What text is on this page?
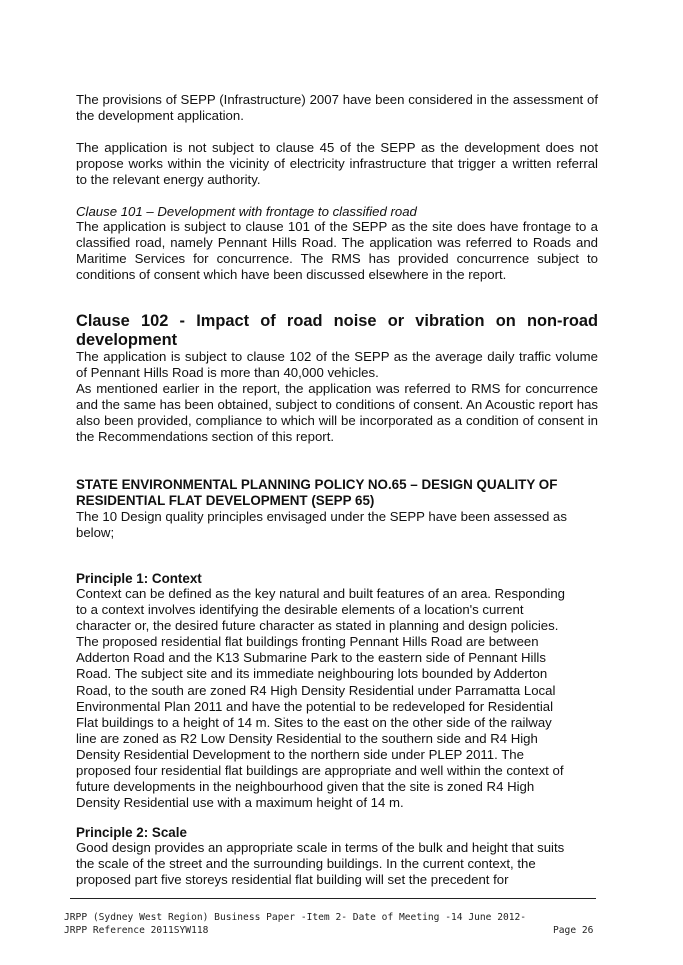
The provisions of SEPP (Infrastructure) 2007 have been considered in the assessment of the development application.
The application is not subject to clause 45 of the SEPP as the development does not propose works within the vicinity of electricity infrastructure that trigger a written referral to the relevant energy authority.
Clause 101 – Development with frontage to classified road
The application is subject to clause 101 of the SEPP as the site does have frontage to a classified road, namely Pennant Hills Road. The application was referred to Roads and Maritime Services for concurrence. The RMS has provided concurrence subject to conditions of consent which have been discussed elsewhere in the report.
Clause 102 - Impact of road noise or vibration on non-road development
The application is subject to clause 102 of the SEPP as the average daily traffic volume of Pennant Hills Road is more than 40,000 vehicles.
As mentioned earlier in the report, the application was referred to RMS for concurrence and the same has been obtained, subject to conditions of consent. An Acoustic report has also been provided, compliance to which will be incorporated as a condition of consent in the Recommendations section of this report.
STATE ENVIRONMENTAL PLANNING POLICY NO.65 – DESIGN QUALITY OF RESIDENTIAL FLAT DEVELOPMENT (SEPP 65)
The 10 Design quality principles envisaged under the SEPP have been assessed as below;
Principle 1: Context
Context can be defined as the key natural and built features of an area. Responding
to a context involves identifying the desirable elements of a location's current
character or, the desired future character as stated in planning and design policies.
The proposed residential flat buildings fronting Pennant Hills Road are between
Adderton Road and the K13 Submarine Park to the eastern side of Pennant Hills
Road. The subject site and its immediate neighbouring lots bounded by Adderton
Road, to the south are zoned R4 High Density Residential under Parramatta Local
Environmental Plan 2011 and have the potential to be redeveloped for Residential
Flat buildings to a height of 14 m. Sites to the east on the other side of the railway
line are zoned as R2 Low Density Residential to the southern side and R4 High
Density Residential Development to the northern side under PLEP 2011. The
proposed four residential flat buildings are appropriate and well within the context of
future developments in the neighbourhood given that the site is zoned R4 High
Density Residential use with a maximum height of 14 m.
Principle 2: Scale
Good design provides an appropriate scale in terms of the bulk and height that suits
the scale of the street and the surrounding buildings. In the current context, the
proposed part five storeys residential flat building will set the precedent for
JRPP (Sydney West Region) Business Paper -Item 2- Date of Meeting -14 June 2012-
JRPP Reference 2011SYW118	Page 26
